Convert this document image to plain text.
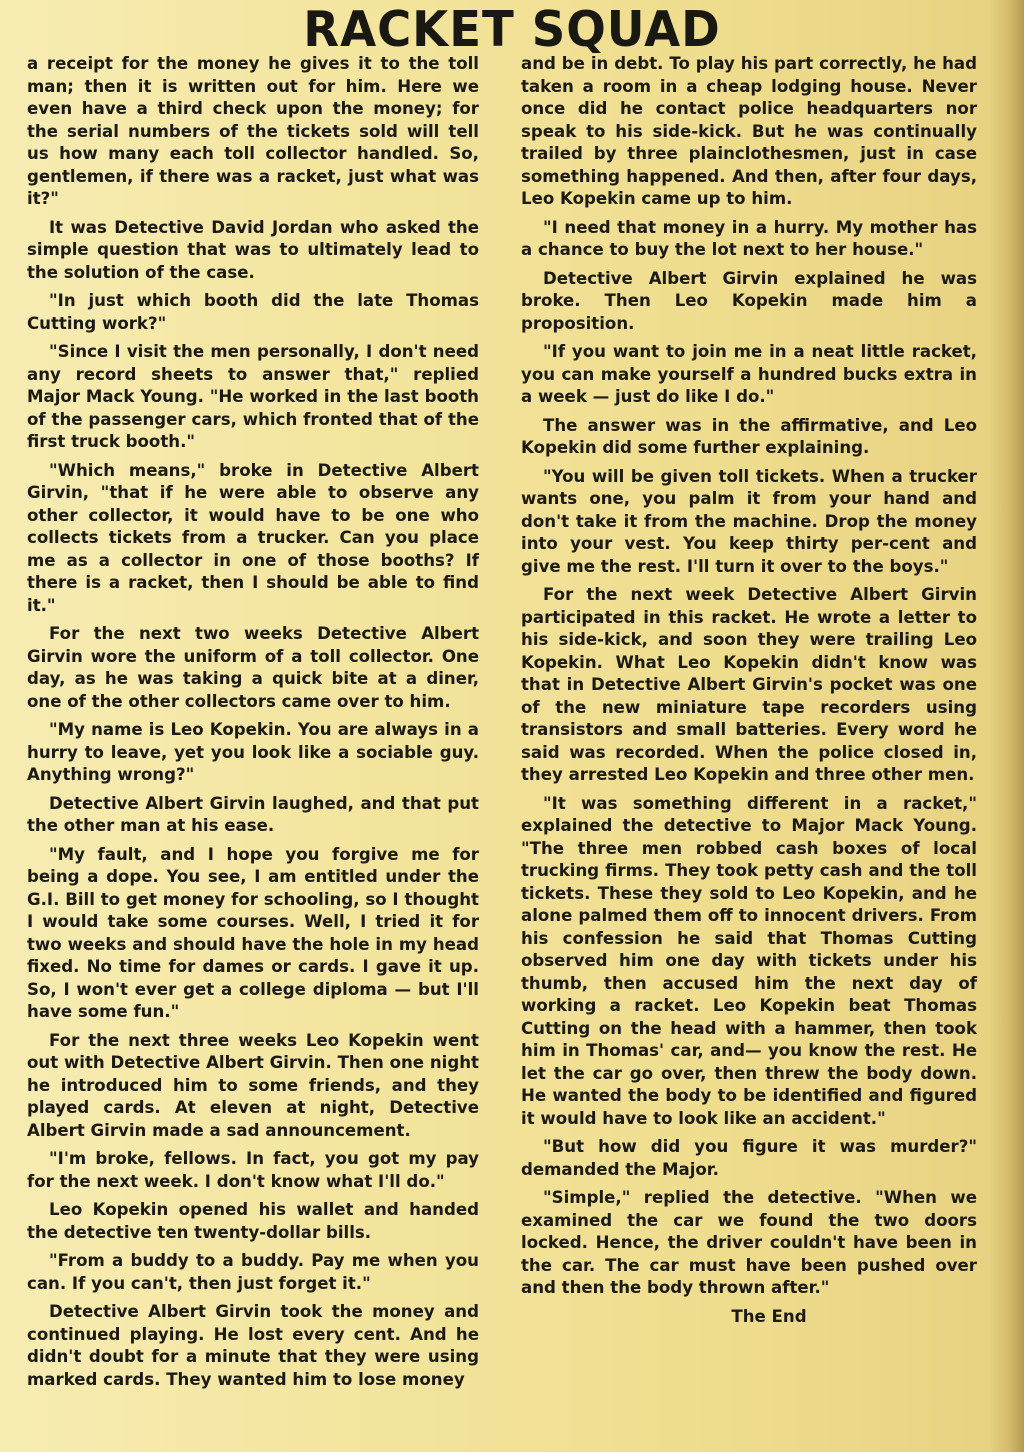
RACKET SQUAD

a receipt for the money he gives it to the toll man; then it is written out for him. Here we even have a third check upon the money; for the serial numbers of the tickets sold will tell us how many each toll collector handled. So, gentlemen, if there was a racket, just what was it?"

It was Detective David Jordan who asked the simple question that was to ultimately lead to the solution of the case.

"In just which booth did the late Thomas Cutting work?"

"Since I visit the men personally, I don't need any record sheets to answer that," replied Major Mack Young. "He worked in the last booth of the passenger cars, which fronted that of the first truck booth."

"Which means," broke in Detective Albert Girvin, "that if he were able to observe any other collector, it would have to be one who collects tickets from a trucker. Can you place me as a collector in one of those booths? If there is a racket, then I should be able to find it."

For the next two weeks Detective Albert Girvin wore the uniform of a toll collector. One day, as he was taking a quick bite at a diner, one of the other collectors came over to him.

"My name is Leo Kopekin. You are always in a hurry to leave, yet you look like a sociable guy. Anything wrong?"

Detective Albert Girvin laughed, and that put the other man at his ease.

"My fault, and I hope you forgive me for being a dope. You see, I am entitled under the G.I. Bill to get money for schooling, so I thought I would take some courses. Well, I tried it for two weeks and should have the hole in my head fixed. No time for dames or cards. I gave it up. So, I won't ever get a college diploma — but I'll have some fun."

For the next three weeks Leo Kopekin went out with Detective Albert Girvin. Then one night he introduced him to some friends, and they played cards. At eleven at night, Detective Albert Girvin made a sad announcement.

"I'm broke, fellows. In fact, you got my pay for the next week. I don't know what I'll do."

Leo Kopekin opened his wallet and handed the detective ten twenty-dollar bills.

"From a buddy to a buddy. Pay me when you can. If you can't, then just forget it."

Detective Albert Girvin took the money and continued playing. He lost every cent. And he didn't doubt for a minute that they were using marked cards. They wanted him to lose money

and be in debt. To play his part correctly, he had taken a room in a cheap lodging house. Never once did he contact police headquarters nor speak to his side-kick. But he was continually trailed by three plainclothesmen, just in case something happened. And then, after four days, Leo Kopekin came up to him.

"I need that money in a hurry. My mother has a chance to buy the lot next to her house."

Detective Albert Girvin explained he was broke. Then Leo Kopekin made him a proposition.

"If you want to join me in a neat little racket, you can make yourself a hundred bucks extra in a week — just do like I do."

The answer was in the affirmative, and Leo Kopekin did some further explaining.

"You will be given toll tickets. When a trucker wants one, you palm it from your hand and don't take it from the machine. Drop the money into your vest. You keep thirty per-cent and give me the rest. I'll turn it over to the boys."

For the next week Detective Albert Girvin participated in this racket. He wrote a letter to his side-kick, and soon they were trailing Leo Kopekin. What Leo Kopekin didn't know was that in Detective Albert Girvin's pocket was one of the new miniature tape recorders using transistors and small batteries. Every word he said was recorded. When the police closed in, they arrested Leo Kopekin and three other men.

"It was something different in a racket," explained the detective to Major Mack Young. "The three men robbed cash boxes of local trucking firms. They took petty cash and the toll tickets. These they sold to Leo Kopekin, and he alone palmed them off to innocent drivers. From his confession he said that Thomas Cutting observed him one day with tickets under his thumb, then accused him the next day of working a racket. Leo Kopekin beat Thomas Cutting on the head with a hammer, then took him in Thomas' car, and— you know the rest. He let the car go over, then threw the body down. He wanted the body to be identified and figured it would have to look like an accident."

"But how did you figure it was murder?" demanded the Major.

"Simple," replied the detective. "When we examined the car we found the two doors locked. Hence, the driver couldn't have been in the car. The car must have been pushed over and then the body thrown after."

The End
